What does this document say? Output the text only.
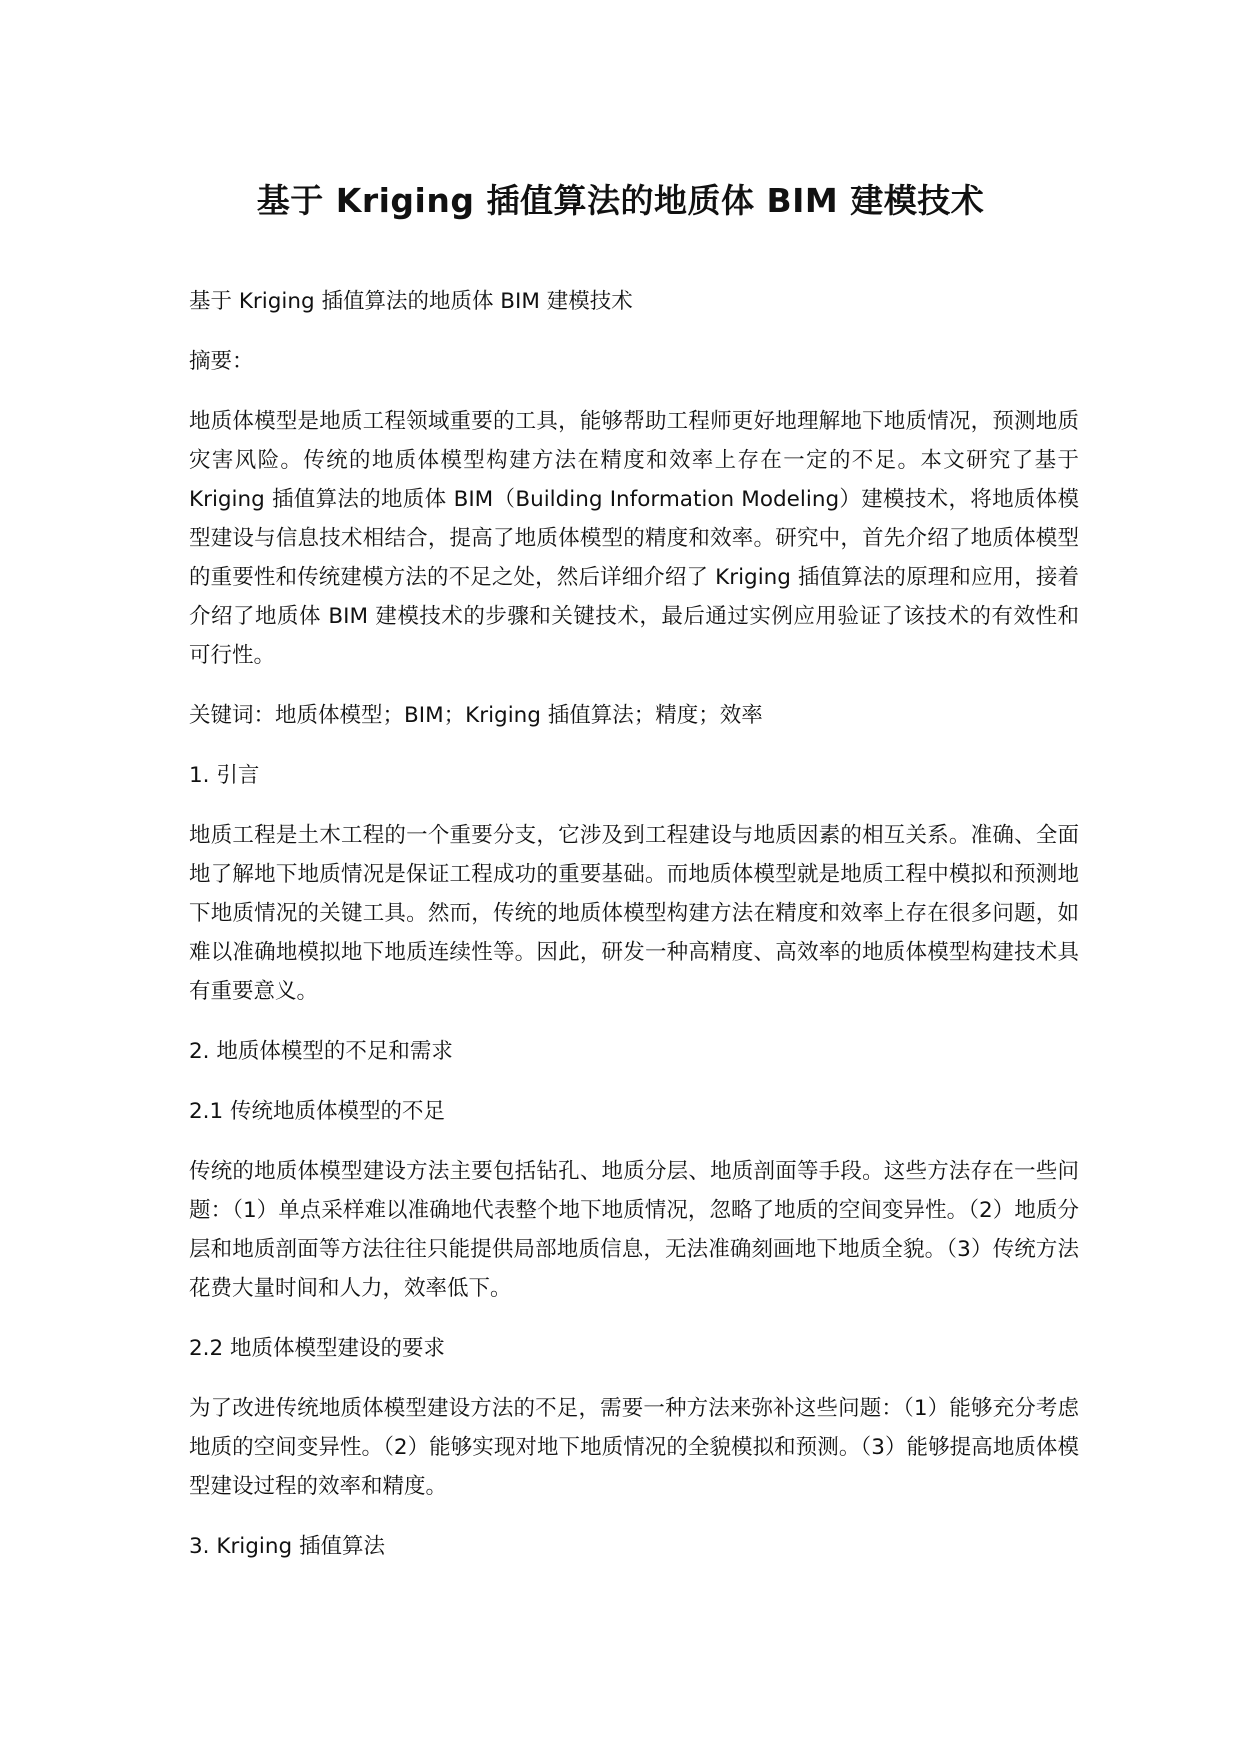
基于 Kriging 插值算法的地质体 BIM 建模技术

基于 Kriging 插值算法的地质体 BIM 建模技术

摘要：

地质体模型是地质工程领域重要的工具，能够帮助工程师更好地理解地下地质情况，预测地质灾害风险。传统的地质体模型构建方法在精度和效率上存在一定的不足。本文研究了基于 Kriging 插值算法的地质体 BIM（Building Information Modeling）建模技术，将地质体模型建设与信息技术相结合，提高了地质体模型的精度和效率。研究中，首先介绍了地质体模型的重要性和传统建模方法的不足之处，然后详细介绍了 Kriging 插值算法的原理和应用，接着介绍了地质体 BIM 建模技术的步骤和关键技术，最后通过实例应用验证了该技术的有效性和可行性。

关键词：地质体模型；BIM；Kriging 插值算法；精度；效率

1. 引言

地质工程是土木工程的一个重要分支，它涉及到工程建设与地质因素的相互关系。准确、全面地了解地下地质情况是保证工程成功的重要基础。而地质体模型就是地质工程中模拟和预测地下地质情况的关键工具。然而，传统的地质体模型构建方法在精度和效率上存在很多问题，如难以准确地模拟地下地质连续性等。因此，研发一种高精度、高效率的地质体模型构建技术具有重要意义。

2. 地质体模型的不足和需求

2.1 传统地质体模型的不足

传统的地质体模型建设方法主要包括钻孔、地质分层、地质剖面等手段。这些方法存在一些问题：（1）单点采样难以准确地代表整个地下地质情况，忽略了地质的空间变异性。（2）地质分层和地质剖面等方法往往只能提供局部地质信息，无法准确刻画地下地质全貌。（3）传统方法花费大量时间和人力，效率低下。

2.2 地质体模型建设的要求

为了改进传统地质体模型建设方法的不足，需要一种方法来弥补这些问题：（1）能够充分考虑地质的空间变异性。（2）能够实现对地下地质情况的全貌模拟和预测。（3）能够提高地质体模型建设过程的效率和精度。

3. Kriging 插值算法
